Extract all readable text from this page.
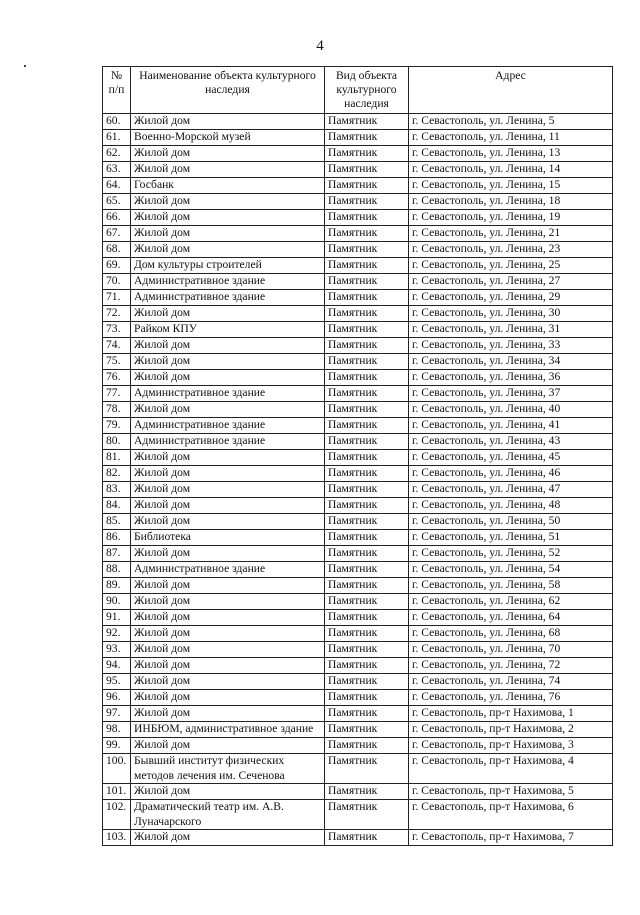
4
№ п/п	Наименование объекта культурного наследия	Вид объекта культурного наследия	Адрес
60.	Жилой дом	Памятник	г. Севастополь, ул. Ленина, 5
61.	Военно-Морской музей	Памятник	г. Севастополь, ул. Ленина, 11
62.	Жилой дом	Памятник	г. Севастополь, ул. Ленина, 13
63.	Жилой дом	Памятник	г. Севастополь, ул. Ленина, 14
64.	Госбанк	Памятник	г. Севастополь, ул. Ленина, 15
65.	Жилой дом	Памятник	г. Севастополь, ул. Ленина, 18
66.	Жилой дом	Памятник	г. Севастополь, ул. Ленина, 19
67.	Жилой дом	Памятник	г. Севастополь, ул. Ленина, 21
68.	Жилой дом	Памятник	г. Севастополь, ул. Ленина, 23
69.	Дом культуры строителей	Памятник	г. Севастополь, ул. Ленина, 25
70.	Административное здание	Памятник	г. Севастополь, ул. Ленина, 27
71.	Административное здание	Памятник	г. Севастополь, ул. Ленина, 29
72.	Жилой дом	Памятник	г. Севастополь, ул. Ленина, 30
73.	Райком КПУ	Памятник	г. Севастополь, ул. Ленина, 31
74.	Жилой дом	Памятник	г. Севастополь, ул. Ленина, 33
75.	Жилой дом	Памятник	г. Севастополь, ул. Ленина, 34
76.	Жилой дом	Памятник	г. Севастополь, ул. Ленина, 36
77.	Административное здание	Памятник	г. Севастополь, ул. Ленина, 37
78.	Жилой дом	Памятник	г. Севастополь, ул. Ленина, 40
79.	Административное здание	Памятник	г. Севастополь, ул. Ленина, 41
80.	Административное здание	Памятник	г. Севастополь, ул. Ленина, 43
81.	Жилой дом	Памятник	г. Севастополь, ул. Ленина, 45
82.	Жилой дом	Памятник	г. Севастополь, ул. Ленина, 46
83.	Жилой дом	Памятник	г. Севастополь, ул. Ленина, 47
84.	Жилой дом	Памятник	г. Севастополь, ул. Ленина, 48
85.	Жилой дом	Памятник	г. Севастополь, ул. Ленина, 50
86.	Библиотека	Памятник	г. Севастополь, ул. Ленина, 51
87.	Жилой дом	Памятник	г. Севастополь, ул. Ленина, 52
88.	Административное здание	Памятник	г. Севастополь, ул. Ленина, 54
89.	Жилой дом	Памятник	г. Севастополь, ул. Ленина, 58
90.	Жилой дом	Памятник	г. Севастополь, ул. Ленина, 62
91.	Жилой дом	Памятник	г. Севастополь, ул. Ленина, 64
92.	Жилой дом	Памятник	г. Севастополь, ул. Ленина, 68
93.	Жилой дом	Памятник	г. Севастополь, ул. Ленина, 70
94.	Жилой дом	Памятник	г. Севастополь, ул. Ленина, 72
95.	Жилой дом	Памятник	г. Севастополь, ул. Ленина, 74
96.	Жилой дом	Памятник	г. Севастополь, ул. Ленина, 76
97.	Жилой дом	Памятник	г. Севастополь, пр-т Нахимова, 1
98.	ИНБЮМ, административное здание	Памятник	г. Севастополь, пр-т Нахимова, 2
99.	Жилой дом	Памятник	г. Севастополь, пр-т Нахимова, 3
100.	Бывший институт физических методов лечения им. Сеченова	Памятник	г. Севастополь, пр-т Нахимова, 4
101.	Жилой дом	Памятник	г. Севастополь, пр-т Нахимова, 5
102.	Драматический театр им. А.В. Луначарского	Памятник	г. Севастополь, пр-т Нахимова, 6
103.	Жилой дом	Памятник	г. Севастополь, пр-т Нахимова, 7
